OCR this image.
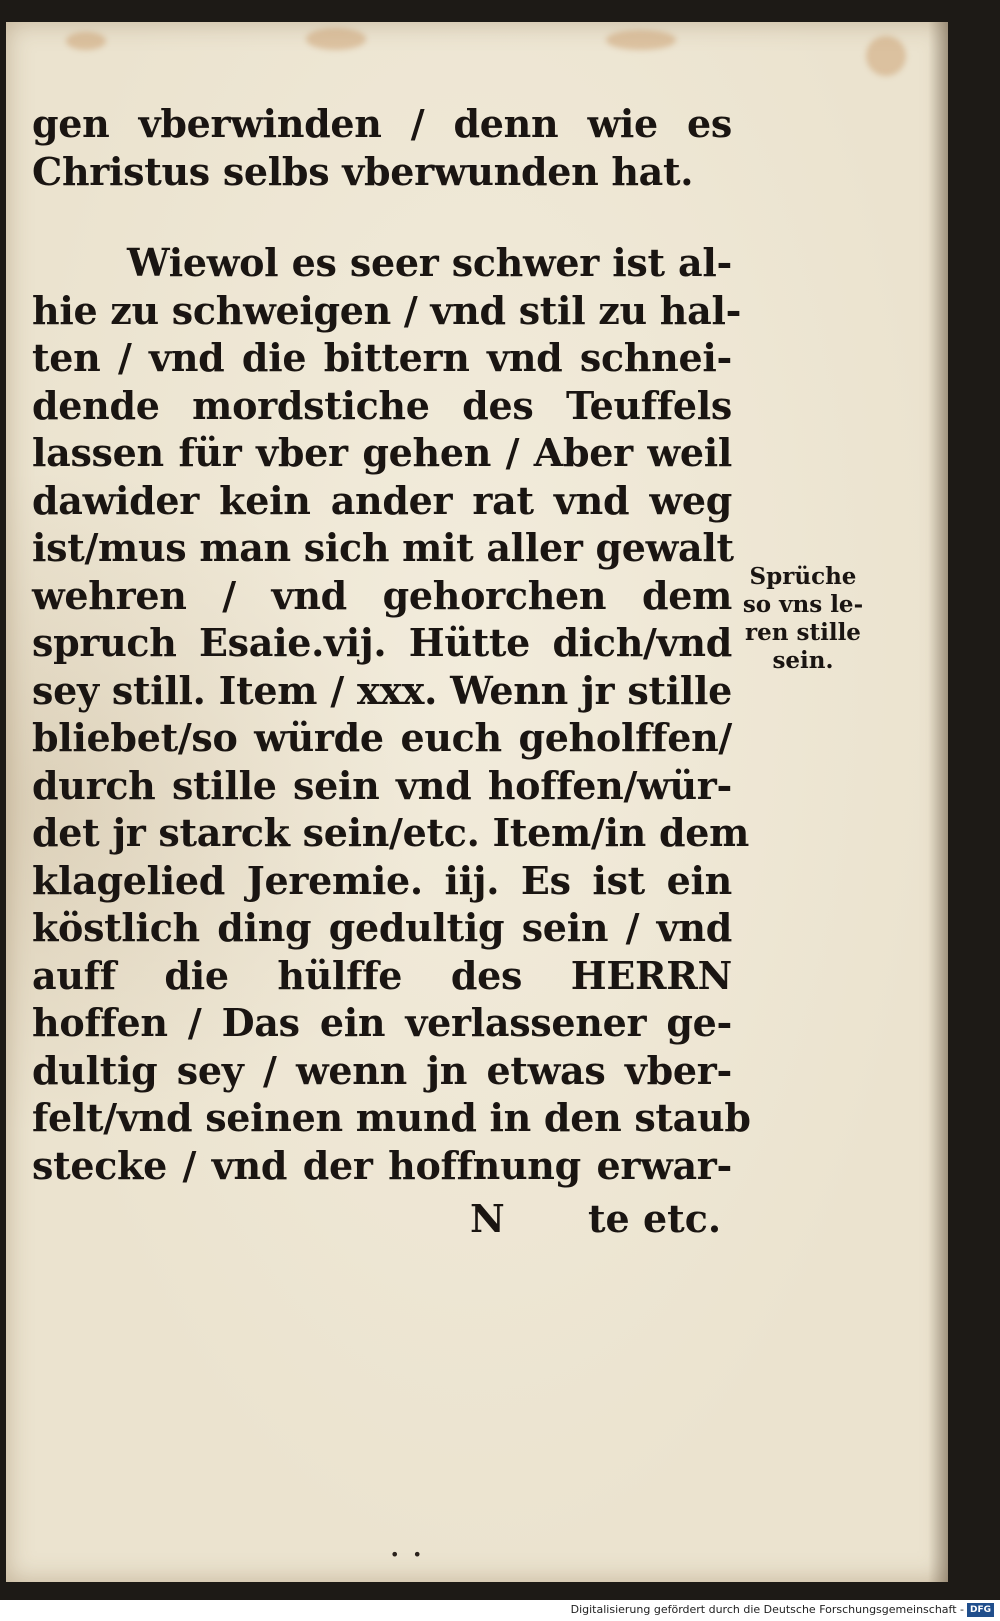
gen vberwinden / denn wie es
Christus selbs vberwunden hat.
Wiewol es seer schwer ist al-
hie zu schweigen / vnd stil zu hal-
ten / vnd die bittern vnd schnei-
dende mordstiche des Teuffels
lassen für vber gehen / Aber weil
dawider kein ander rat vnd weg
ist/mus man sich mit aller gewalt
wehren / vnd gehorchen dem
spruch Esaie.vij. Hütte dich/vnd
sey still. Item / xxx. Wenn jr stille
bliebet/so würde euch geholffen/
durch stille sein vnd hoffen/wür-
det jr starck sein/etc. Item/in dem
klagelied Jeremie. iij. Es ist ein
köstlich ding gedultig sein / vnd
auff die hülffe des HERRN
hoffen / Das ein verlassener ge-
dultig sey / wenn jn etwas vber-
felt/vnd seinen mund in den staub
stecke / vnd der hoffnung erwar-
N te etc.
Sprüche
so vns le-
ren stille
sein.
• •
Digitalisierung gefördert durch die Deutsche Forschungsgemeinschaft - DFG
